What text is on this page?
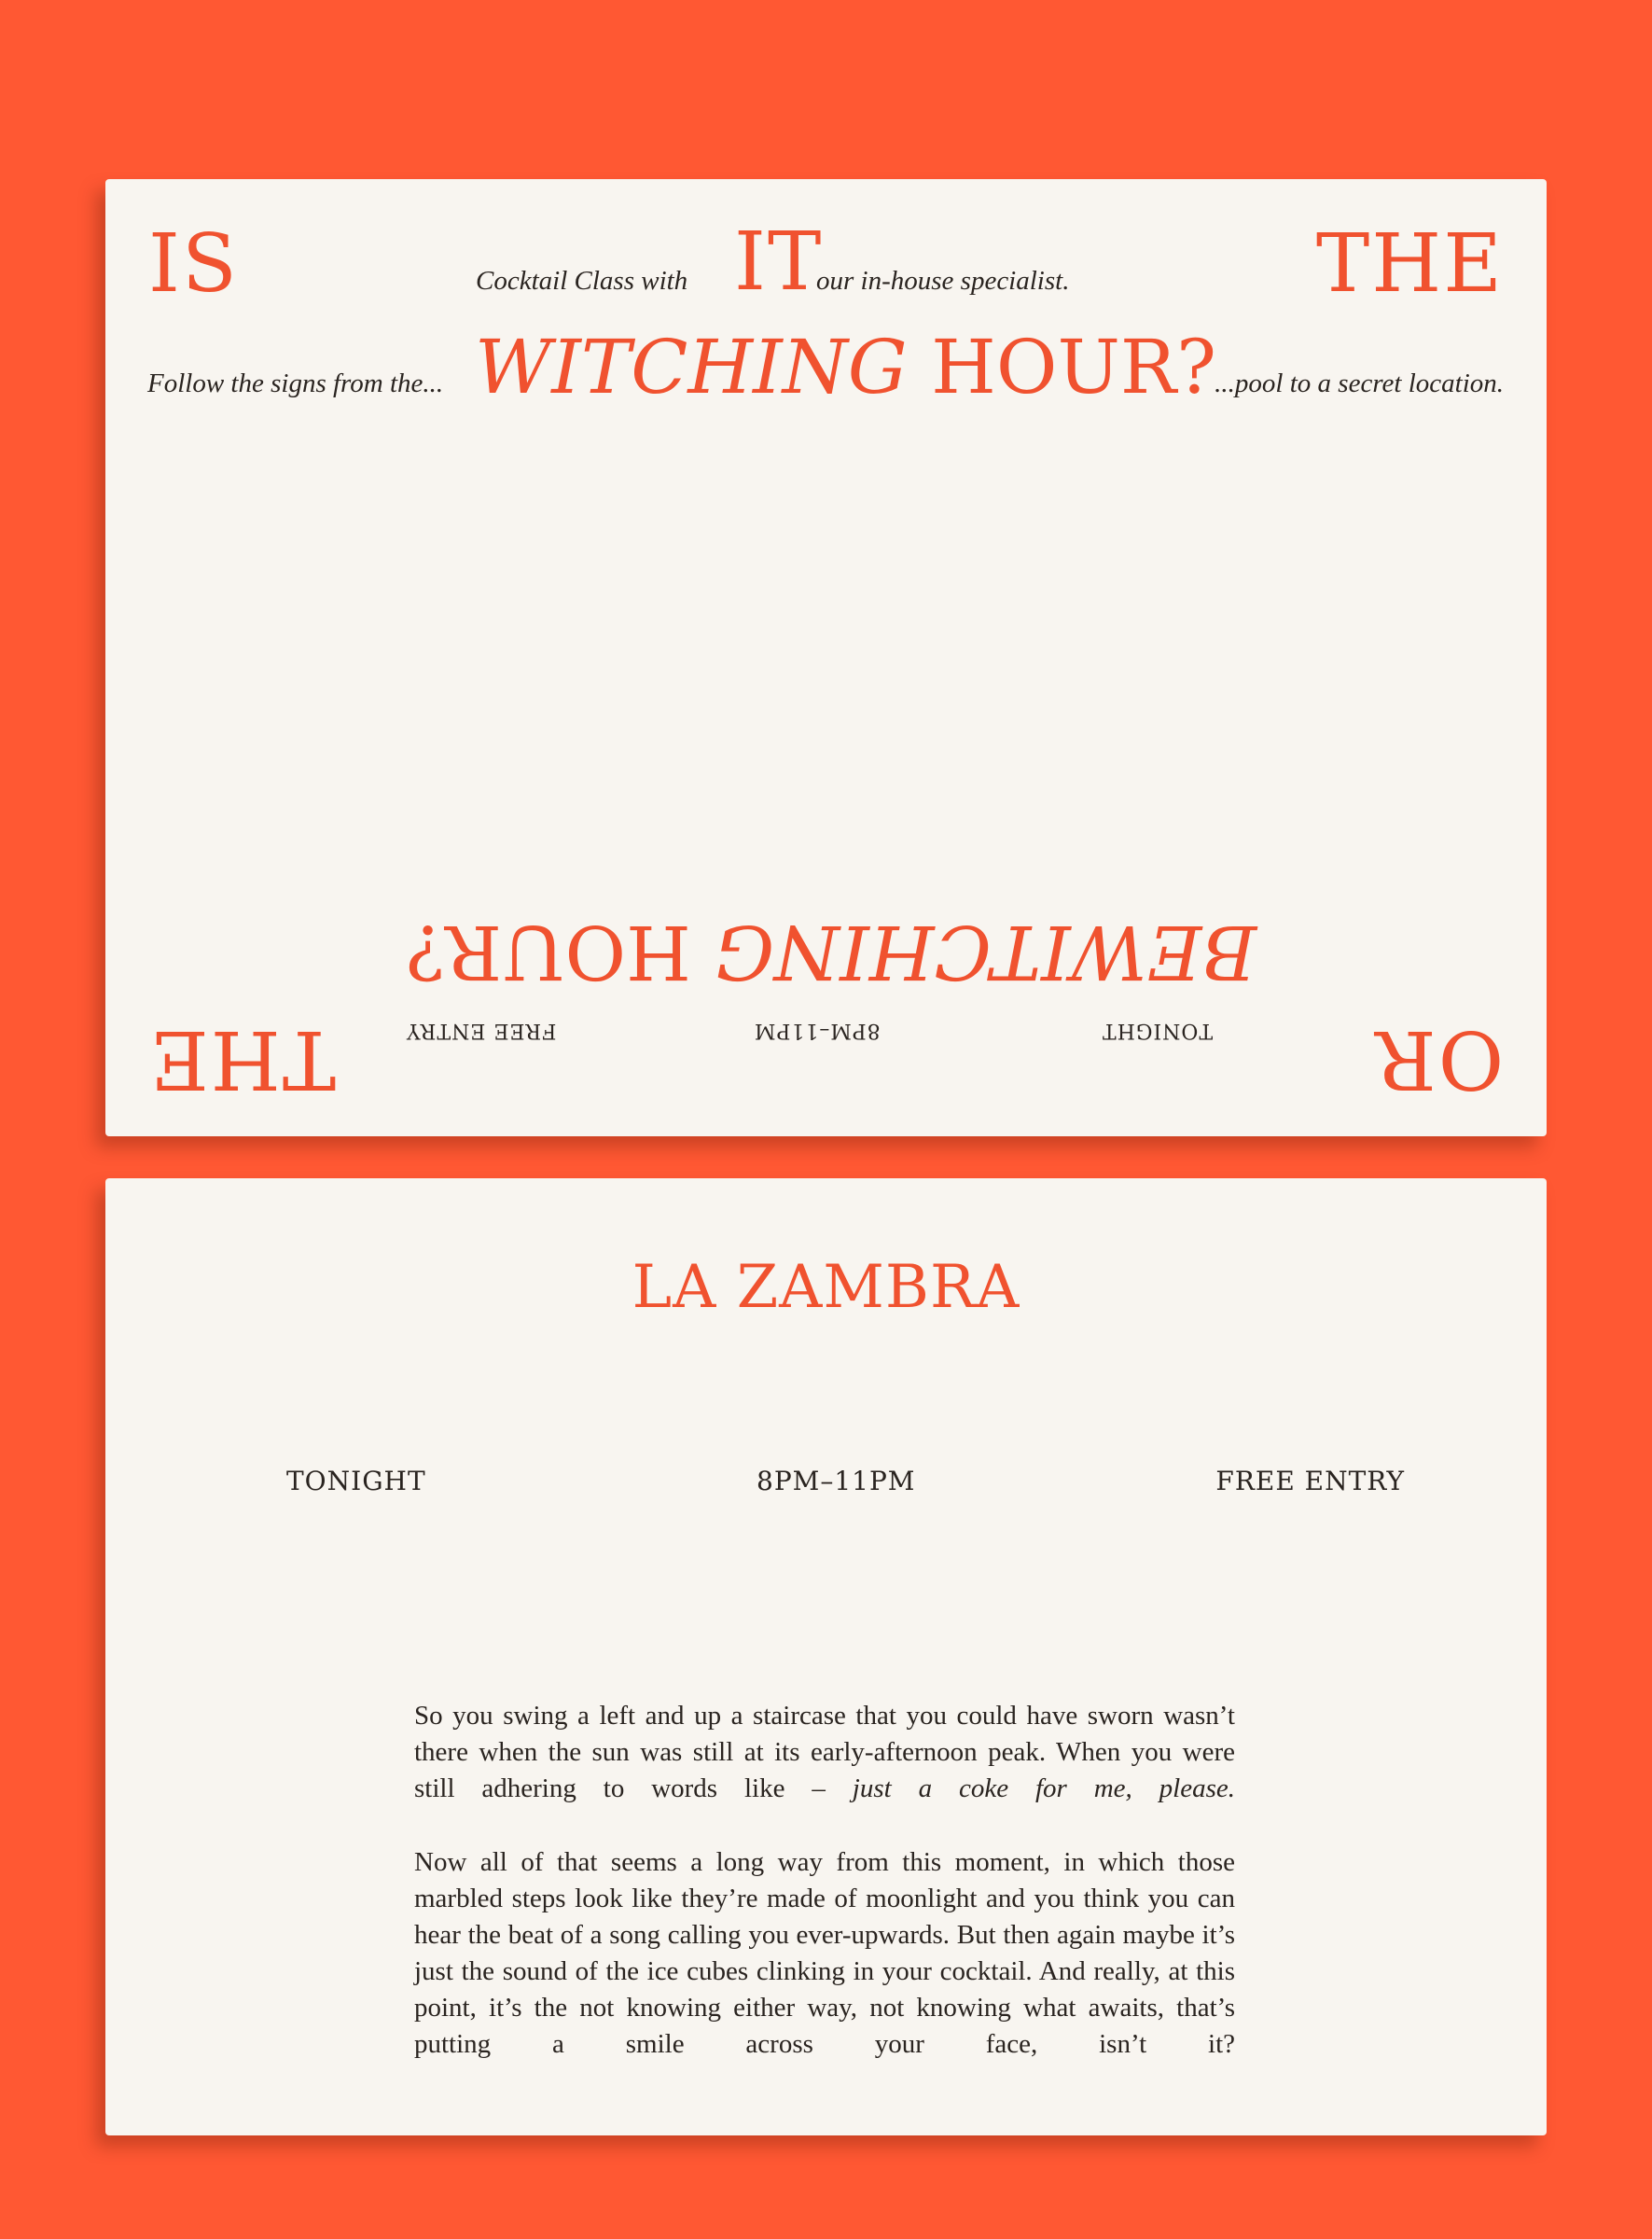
IS	IT	THE
Cocktail Class with	our in-house specialist.
Follow the signs from the... WITCHING HOUR?
...pool to a secret location.
BEWITCHING HOUR?
FREE ENTRY	8PM–11PM	TONIGHT
THE	OR
LA ZAMBRA
TONIGHT	8PM–11PM	FREE ENTRY
So you swing a left and up a staircase that you could have sworn wasn’t there when the sun was still at its early-afternoon peak. When you were still adhering to words like – just a coke for me, please.
Now all of that seems a long way from this moment, in which those marbled steps look like they’re made of moonlight and you think you can hear the beat of a song calling you ever-upwards. But then again maybe it’s just the sound of the ice cubes clinking in your cocktail. And really, at this point, it’s the not knowing either way, not knowing what awaits, that’s putting a smile across your face, isn’t it?
